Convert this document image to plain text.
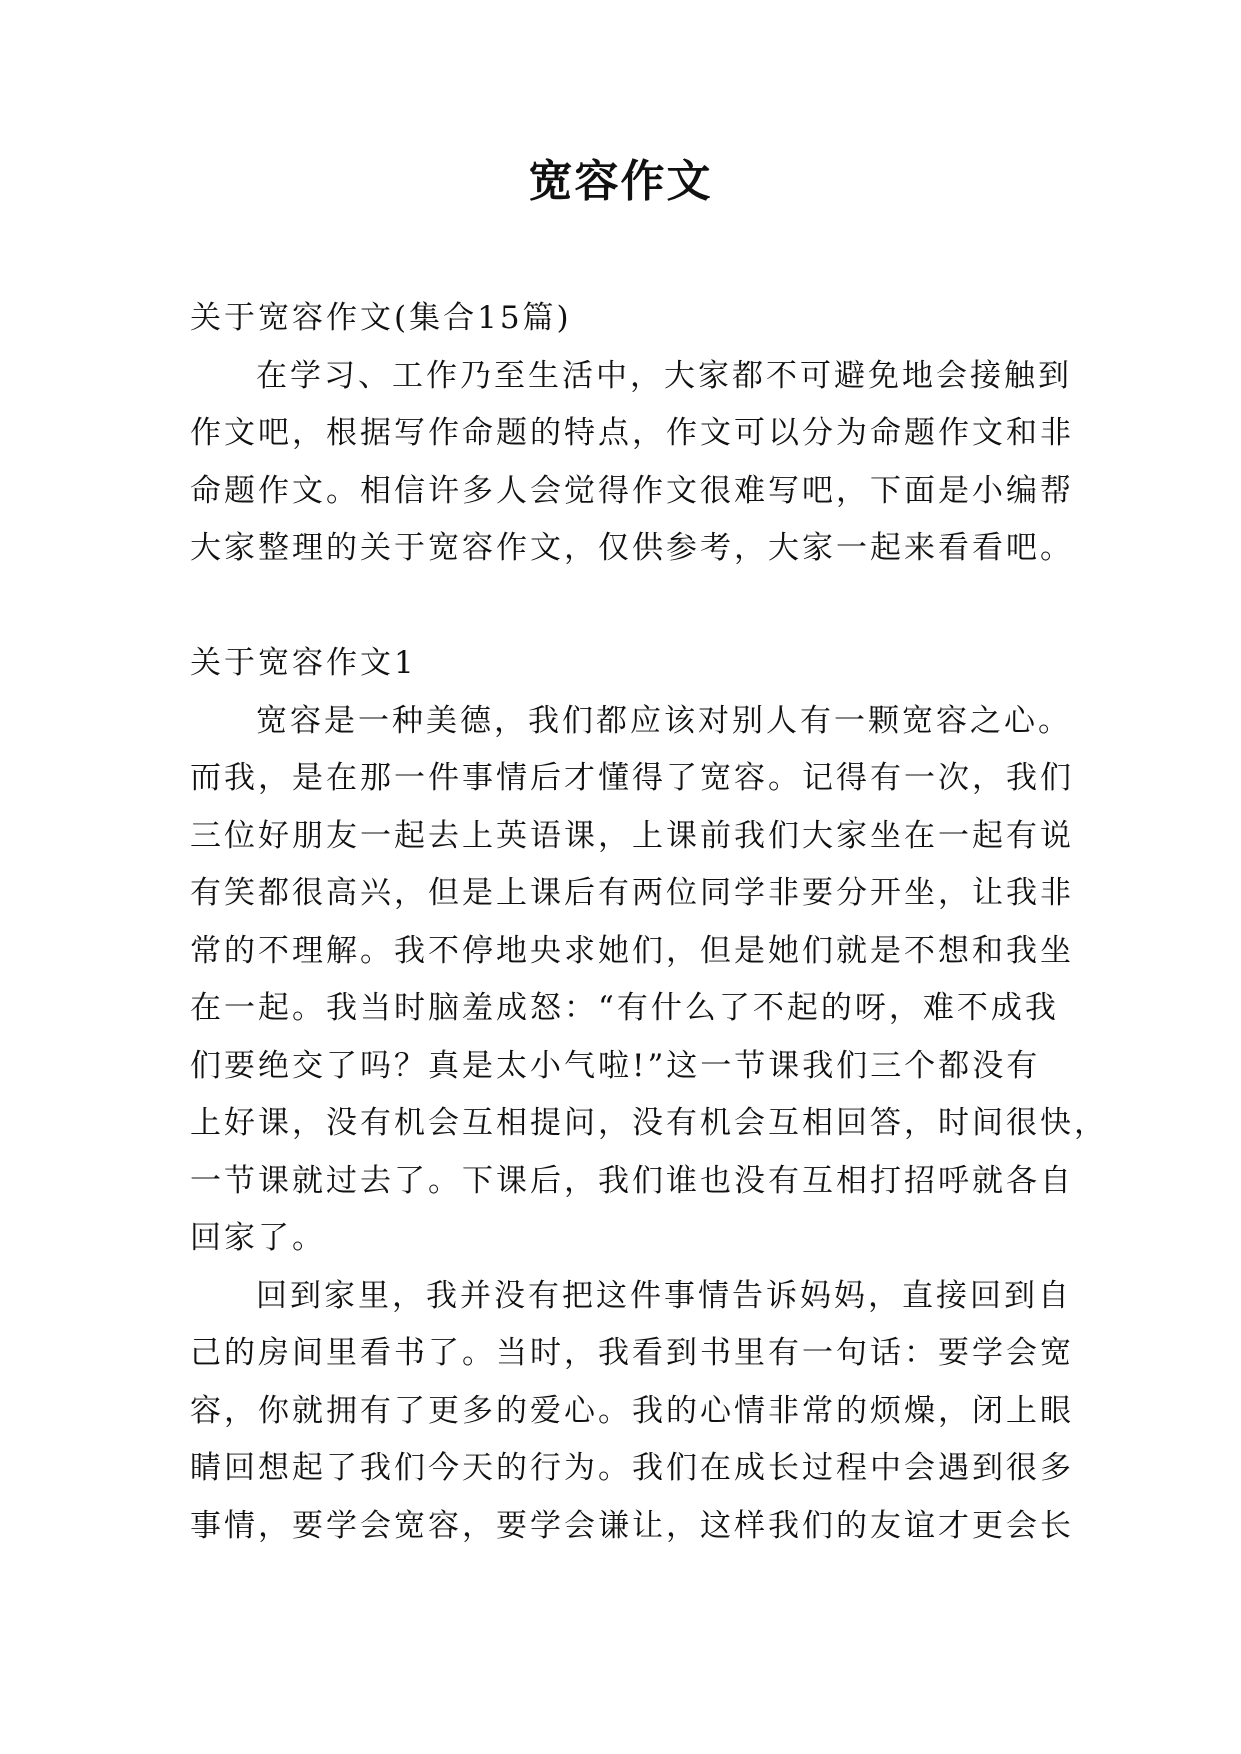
宽容作文
关于宽容作文(集合15篇)
在学习、工作乃至生活中，大家都不可避免地会接触到
作文吧，根据写作命题的特点，作文可以分为命题作文和非
命题作文。相信许多人会觉得作文很难写吧，下面是小编帮
大家整理的关于宽容作文，仅供参考，大家一起来看看吧。
关于宽容作文1
宽容是一种美德，我们都应该对别人有一颗宽容之心。
而我，是在那一件事情后才懂得了宽容。记得有一次，我们
三位好朋友一起去上英语课，上课前我们大家坐在一起有说
有笑都很高兴，但是上课后有两位同学非要分开坐，让我非
常的不理解。我不停地央求她们，但是她们就是不想和我坐
在一起。我当时脑羞成怒：“有什么了不起的呀，难不成我
们要绝交了吗？真是太小气啦!”这一节课我们三个都没有
上好课，没有机会互相提问，没有机会互相回答，时间很快，
一节课就过去了。下课后，我们谁也没有互相打招呼就各自
回家了。
回到家里，我并没有把这件事情告诉妈妈，直接回到自
己的房间里看书了。当时，我看到书里有一句话：要学会宽
容，你就拥有了更多的爱心。我的心情非常的烦燥，闭上眼
睛回想起了我们今天的行为。我们在成长过程中会遇到很多
事情，要学会宽容，要学会谦让，这样我们的友谊才更会长
